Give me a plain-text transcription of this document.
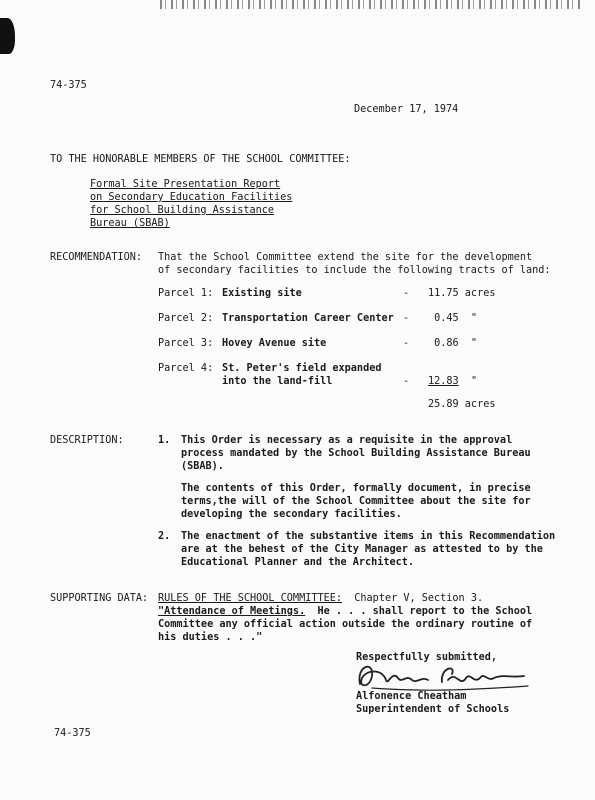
74-375
December 17, 1974
TO THE HONORABLE MEMBERS OF THE SCHOOL COMMITTEE:
Formal Site Presentation Report
on Secondary Education Facilities
for School Building Assistance
Bureau (SBAB)
RECOMMENDATION: That the School Committee extend the site for the development
of secondary facilities to include the following tracts of land:
Parcel 1: Existing site	- 11.75 acres
Parcel 2: Transportation Career Center - 0.45  "
Parcel 3: Hovey Avenue site	- 0.86  "
Parcel 4: St. Peter's field expanded
into the land-fill	- 12.83  "
25.89 acres
DESCRIPTION:	1. This Order is necessary as a requisite in the approval
process mandated by the School Building Assistance Bureau
(SBAB).
The contents of this Order, formally document, in precise
terms,the will of the School Committee about the site for
developing the secondary facilities.
2. The enactment of the substantive items in this Recommendation
are at the behest of the City Manager as attested to by the
Educational Planner and the Architect.
SUPPORTING DATA: RULES OF THE SCHOOL COMMITTEE:  Chapter V, Section 3.
"Attendance of Meetings.  He . . . shall report to the School
Committee any official action outside the ordinary routine of
his duties . . ."
Respectfully submitted,
Alfonence Cheatham
Superintendent of Schools
74-375
